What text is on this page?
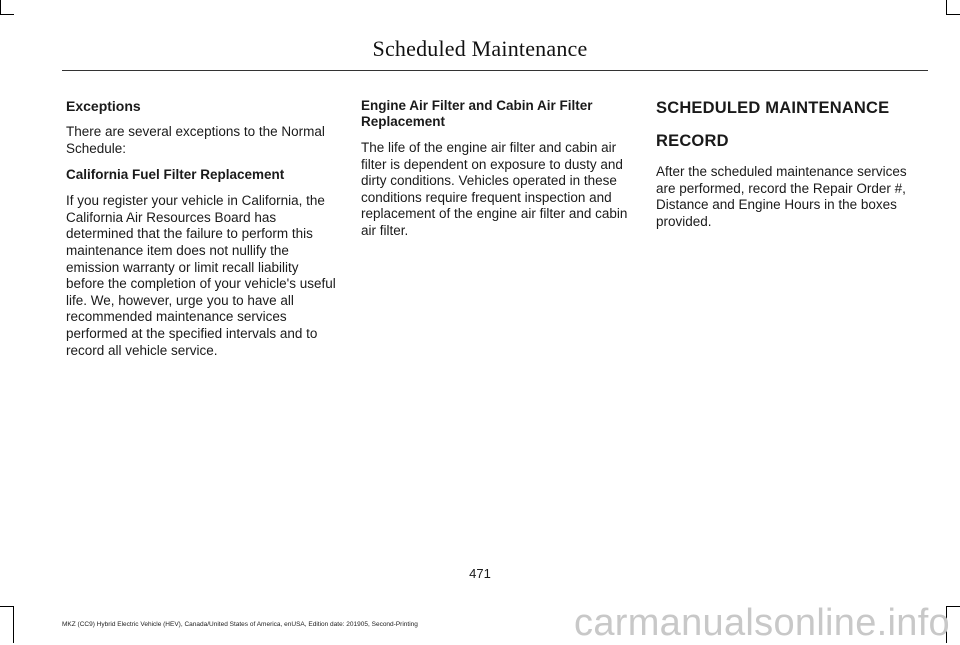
Scheduled Maintenance
Exceptions
There are several exceptions to the Normal Schedule:
California Fuel Filter Replacement
If you register your vehicle in California, the California Air Resources Board has determined that the failure to perform this maintenance item does not nullify the emission warranty or limit recall liability before the completion of your vehicle's useful life. We, however, urge you to have all recommended maintenance services performed at the specified intervals and to record all vehicle service.
Engine Air Filter and Cabin Air Filter Replacement
The life of the engine air filter and cabin air filter is dependent on exposure to dusty and dirty conditions. Vehicles operated in these conditions require frequent inspection and replacement of the engine air filter and cabin air filter.
SCHEDULED MAINTENANCE
RECORD
After the scheduled maintenance services are performed, record the Repair Order #, Distance and Engine Hours in the boxes provided.
471
MKZ (CC9) Hybrid Electric Vehicle (HEV), Canada/United States of America, enUSA, Edition date: 201905, Second-Printing	carmanualsonline.info
